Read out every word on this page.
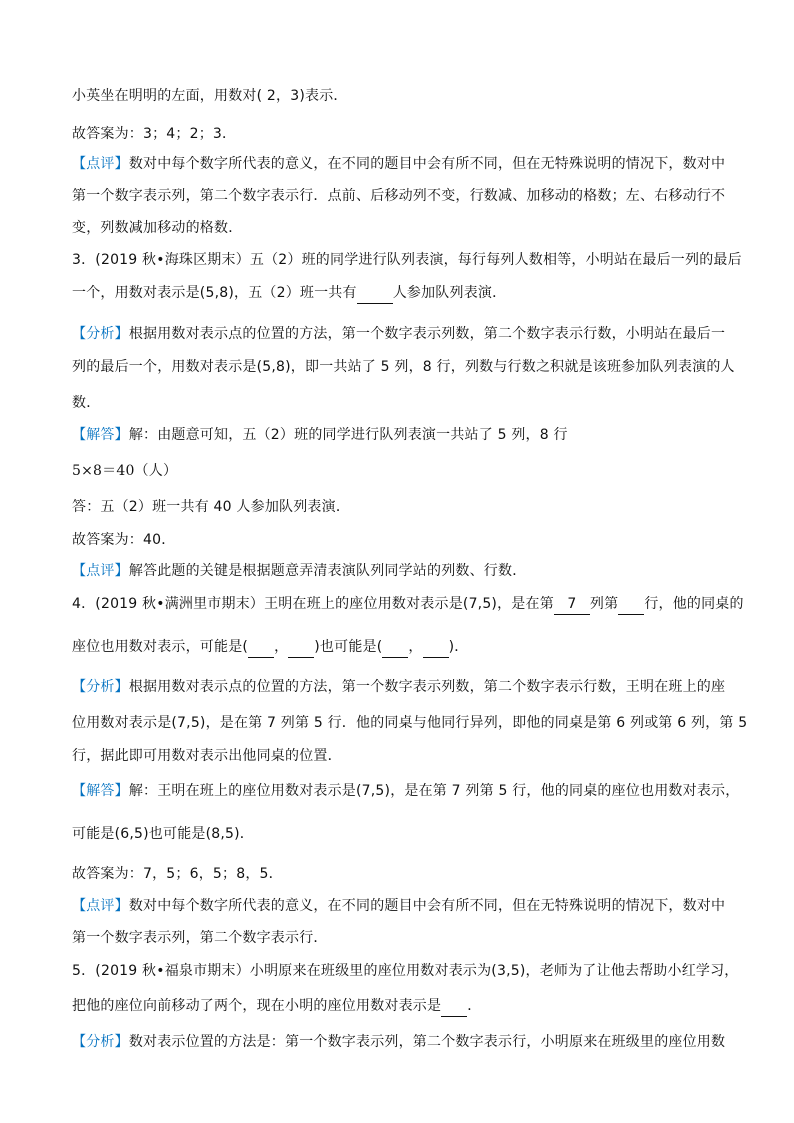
小英坐在明明的左面，用数对( 2，3)表示．
故答案为：3；4；2；3．
【点评】数对中每个数字所代表的意义，在不同的题目中会有所不同，但在无特殊说明的情况下，数对中
第一个数字表示列，第二个数字表示行．点前、后移动列不变，行数减、加移动的格数；左、右移动行不
变，列数减加移动的格数．
3．(2019 秋•海珠区期末）五（2）班的同学进行队列表演，每行每列人数相等，小明站在最后一列的最后
一个，用数对表示是(5,8)，五（2）班一共有	人参加队列表演．
【分析】根据用数对表示点的位置的方法，第一个数字表示列数，第二个数字表示行数，小明站在最后一
列的最后一个，用数对表示是(5,8)，即一共站了 5 列，8 行，列数与行数之积就是该班参加队列表演的人
数．
【解答】解：由题意可知，五（2）班的同学进行队列表演一共站了 5 列，8 行
5×8＝40（人）
答：五（2）班一共有 40 人参加队列表演．
故答案为：40．
【点评】解答此题的关键是根据题意弄清表演队列同学站的列数、行数．
4．(2019 秋•满洲里市期末）王明在班上的座位用数对表示是(7,5)，是在第 7 列第 行，他的同桌的
座位也用数对表示，可能是( ， )也可能是( ， )．
【分析】根据用数对表示点的位置的方法，第一个数字表示列数，第二个数字表示行数，王明在班上的座
位用数对表示是(7,5)，是在第 7 列第 5 行．他的同桌与他同行异列，即他的同桌是第 6 列或第 6 列，第 5
行，据此即可用数对表示出他同桌的位置．
【解答】解：王明在班上的座位用数对表示是(7,5)，是在第 7 列第 5 行，他的同桌的座位也用数对表示，
可能是(6,5)也可能是(8,5)．
故答案为：7，5；6，5；8，5．
【点评】数对中每个数字所代表的意义，在不同的题目中会有所不同，但在无特殊说明的情况下，数对中
第一个数字表示列，第二个数字表示行．
5．(2019 秋•福泉市期末）小明原来在班级里的座位用数对表示为(3,5)，老师为了让他去帮助小红学习，
把他的座位向前移动了两个，现在小明的座位用数对表示是 ．
【分析】数对表示位置的方法是：第一个数字表示列，第二个数字表示行，小明原来在班级里的座位用数
